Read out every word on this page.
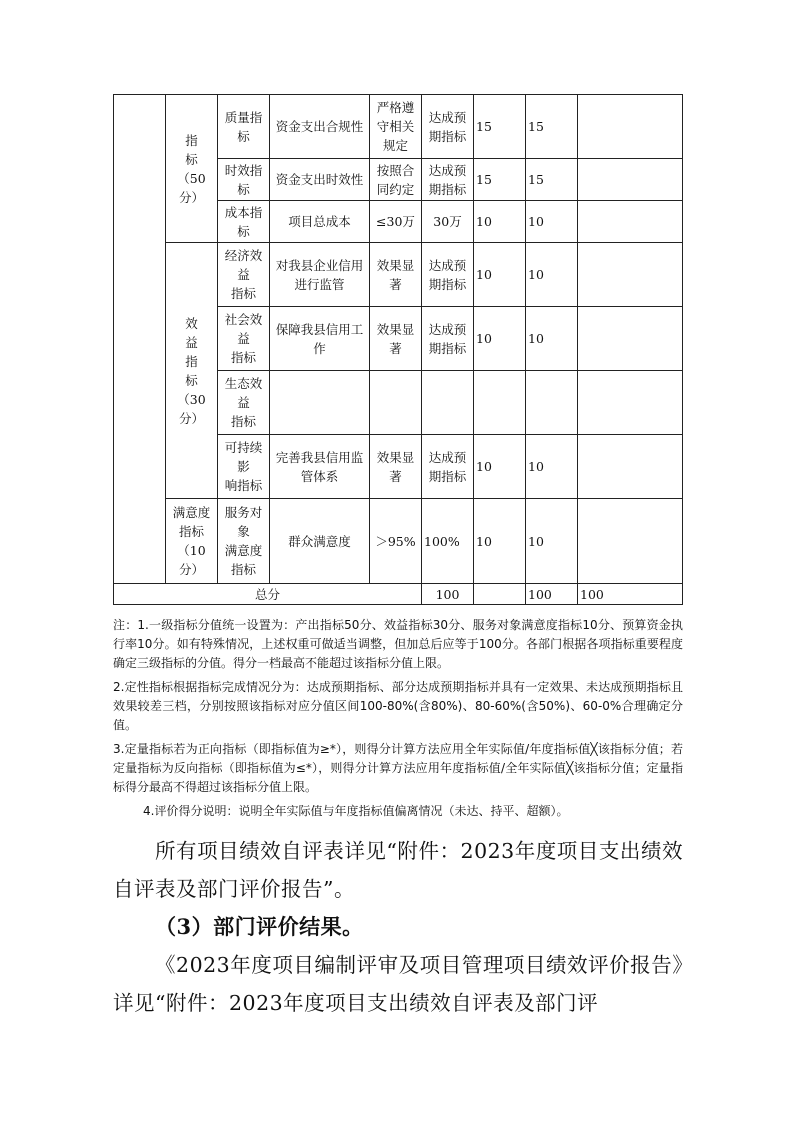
	指
标
（50分）	质量指
标	资金支出合规性	严格遵
守相关
规定	达成预
期指标	15	15		
		时效指
标	资金支出时效性	按照合
同约定	达成预
期指标	15	15		
		成本指
标	项目总成本	≤30万	30万	10	10		
	效
益
指
标
（30分）	经济效
益
指标	对我县企业信用
进行监管	效果显
著	达成预
期指标	10	10		
		社会效
益
指标	保障我县信用工
作	效果显
著	达成预
期指标	10	10		
		生态效
益
指标							
		可持续
影
响指标	完善我县信用监
管体系	效果显
著	达成预
期指标	10	10		
	满意度
指标
（10分）	服务对
象
满意度
指标	群众满意度	＞95%	100%	10	10		
总分					100		100	100	

注：1.一级指标分值统一设置为：产出指标50分、效益指标30分、服务对象满意度指标10分、预算资金执行率10分。如有特殊情况，上述权重可做适当调整，但加总后应等于100分。各部门根据各项指标重要程度确定三级指标的分值。得分一档最高不能超过该指标分值上限。

2.定性指标根据指标完成情况分为：达成预期指标、部分达成预期指标并具有一定效果、未达成预期指标且效果较差三档，分别按照该指标对应分值区间100-80%(含80%)、80-60%(含50%)、60-0%合理确定分值。

3.定量指标若为正向指标（即指标值为≥*），则得分计算方法应用全年实际值/年度指标值╳该指标分值；若定量指标为反向指标（即指标值为≤*），则得分计算方法应用年度指标值/全年实际值╳该指标分值；定量指标得分最高不得超过该指标分值上限。

4.评价得分说明：说明全年实际值与年度指标值偏离情况（未达、持平、超额）。

所有项目绩效自评表详见“附件：2023年度项目支出绩效自评表及部门评价报告”。

（3）部门评价结果。

《2023年度项目编制评审及项目管理项目绩效评价报告》详见“附件：2023年度项目支出绩效自评表及部门评
